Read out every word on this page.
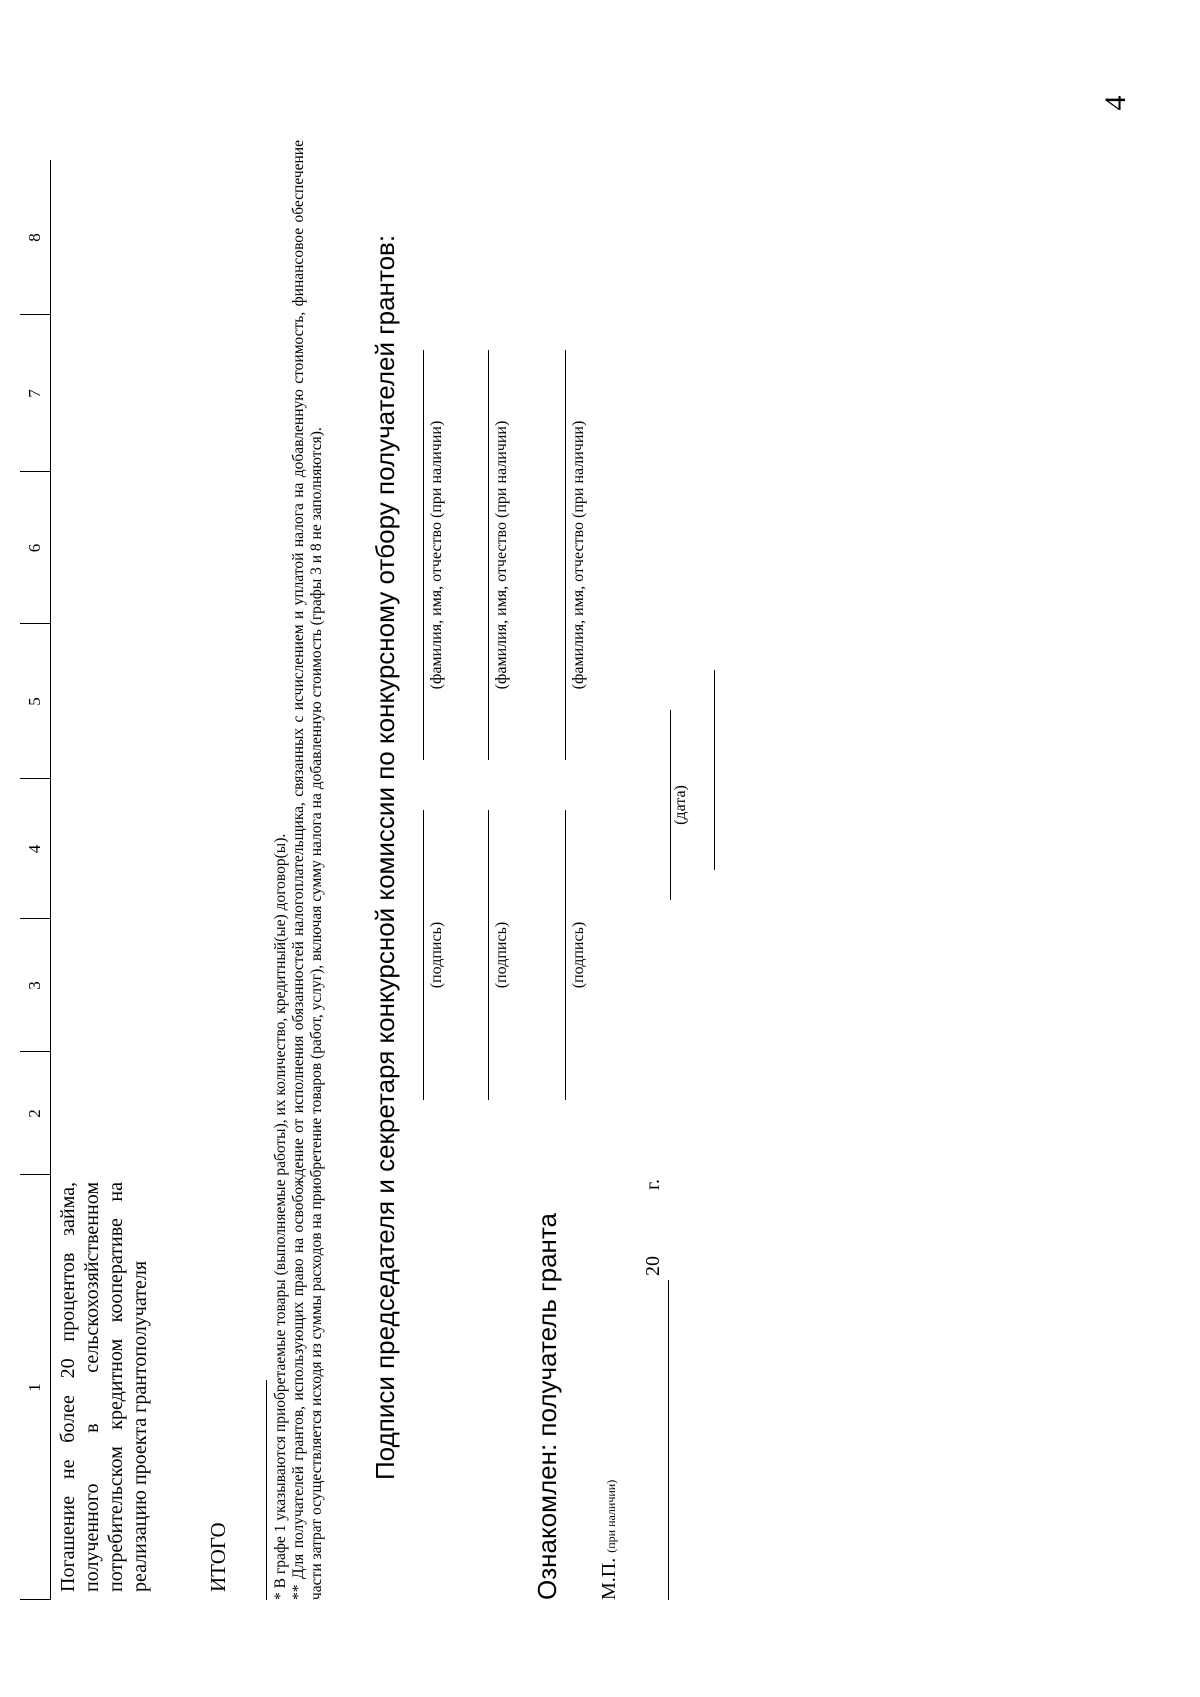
4
1
2
3
4
5
6
7
8
Погашение не более 20 процентов займа, полученного в сельскохозяйственном потребительском кредитном кооперативе на реализацию проекта грантополучателя	ИТОГО	* В графе 1 указываются приобретаемые товары (выполняемые работы), их количество, кредитный(ые) договор(ы). ** Для получателей грантов, использующих право на освобождение от исполнения обязанностей налогоплательщика, связанных с исчислением и уплатой налога на добавленную стоимость, финансовое обеспечение части затрат осуществляется исходя из суммы расходов на приобретение товаров (работ, услуг), включая сумму налога на добавленную стоимость (графы 3 и 8 не заполняются). Подписи председателя и секретаря конкурсной комиссии по конкурсному отбору получателей грантов: (подпись)
(фамилия, имя, отчество (при наличии)
(подпись)
(фамилия, имя, отчество (при наличии)
Ознакомлен: получатель гранта
(подпись)
(фамилия, имя, отчество (при наличии)
М.П. (при наличии)
(дата)
20
г.
